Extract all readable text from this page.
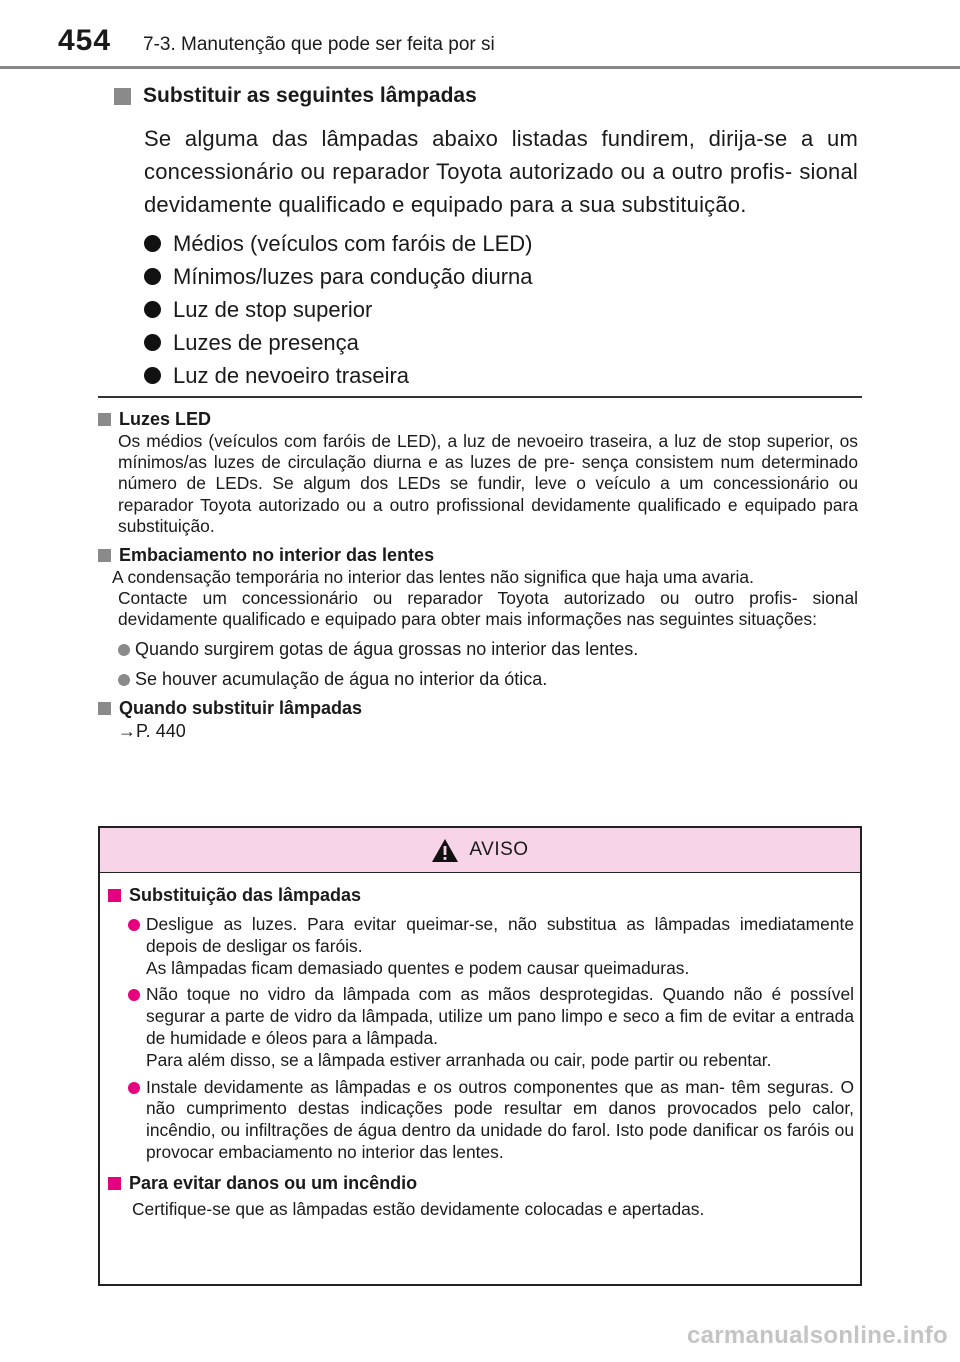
454 7-3. Manutenção que pode ser feita por si
Substituir as seguintes lâmpadas
Se alguma das lâmpadas abaixo listadas fundirem, dirija-se a um concessionário ou reparador Toyota autorizado ou a outro profis- sional devidamente qualificado e equipado para a sua substituição.
Médios (veículos com faróis de LED)
Mínimos/luzes para condução diurna
Luz de stop superior
Luzes de presença
Luz de nevoeiro traseira
Luzes LED
Os médios (veículos com faróis de LED), a luz de nevoeiro traseira, a luz de stop superior, os mínimos/as luzes de circulação diurna e as luzes de pre- sença consistem num determinado número de LEDs. Se algum dos LEDs se fundir, leve o veículo a um concessionário ou reparador Toyota autorizado ou a outro profissional devidamente qualificado e equipado para substituição.
Embaciamento no interior das lentes
A condensação temporária no interior das lentes não significa que haja uma avaria.
Contacte um concessionário ou reparador Toyota autorizado ou outro profis- sional devidamente qualificado e equipado para obter mais informações nas seguintes situações:
Quando surgirem gotas de água grossas no interior das lentes.
Se houver acumulação de água no interior da ótica.
Quando substituir lâmpadas
→P. 440
AVISO
Substituição das lâmpadas
Desligue as luzes. Para evitar queimar-se, não substitua as lâmpadas imediatamente depois de desligar os faróis.
As lâmpadas ficam demasiado quentes e podem causar queimaduras.
Não toque no vidro da lâmpada com as mãos desprotegidas. Quando não é possível segurar a parte de vidro da lâmpada, utilize um pano limpo e seco a fim de evitar a entrada de humidade e óleos para a lâmpada.
Para além disso, se a lâmpada estiver arranhada ou cair, pode partir ou rebentar.
Instale devidamente as lâmpadas e os outros componentes que as man- têm seguras. O não cumprimento destas indicações pode resultar em danos provocados pelo calor, incêndio, ou infiltrações de água dentro da unidade do farol. Isto pode danificar os faróis ou provocar embaciamento no interior das lentes.
Para evitar danos ou um incêndio
Certifique-se que as lâmpadas estão devidamente colocadas e apertadas.
carmanualsonline.info
